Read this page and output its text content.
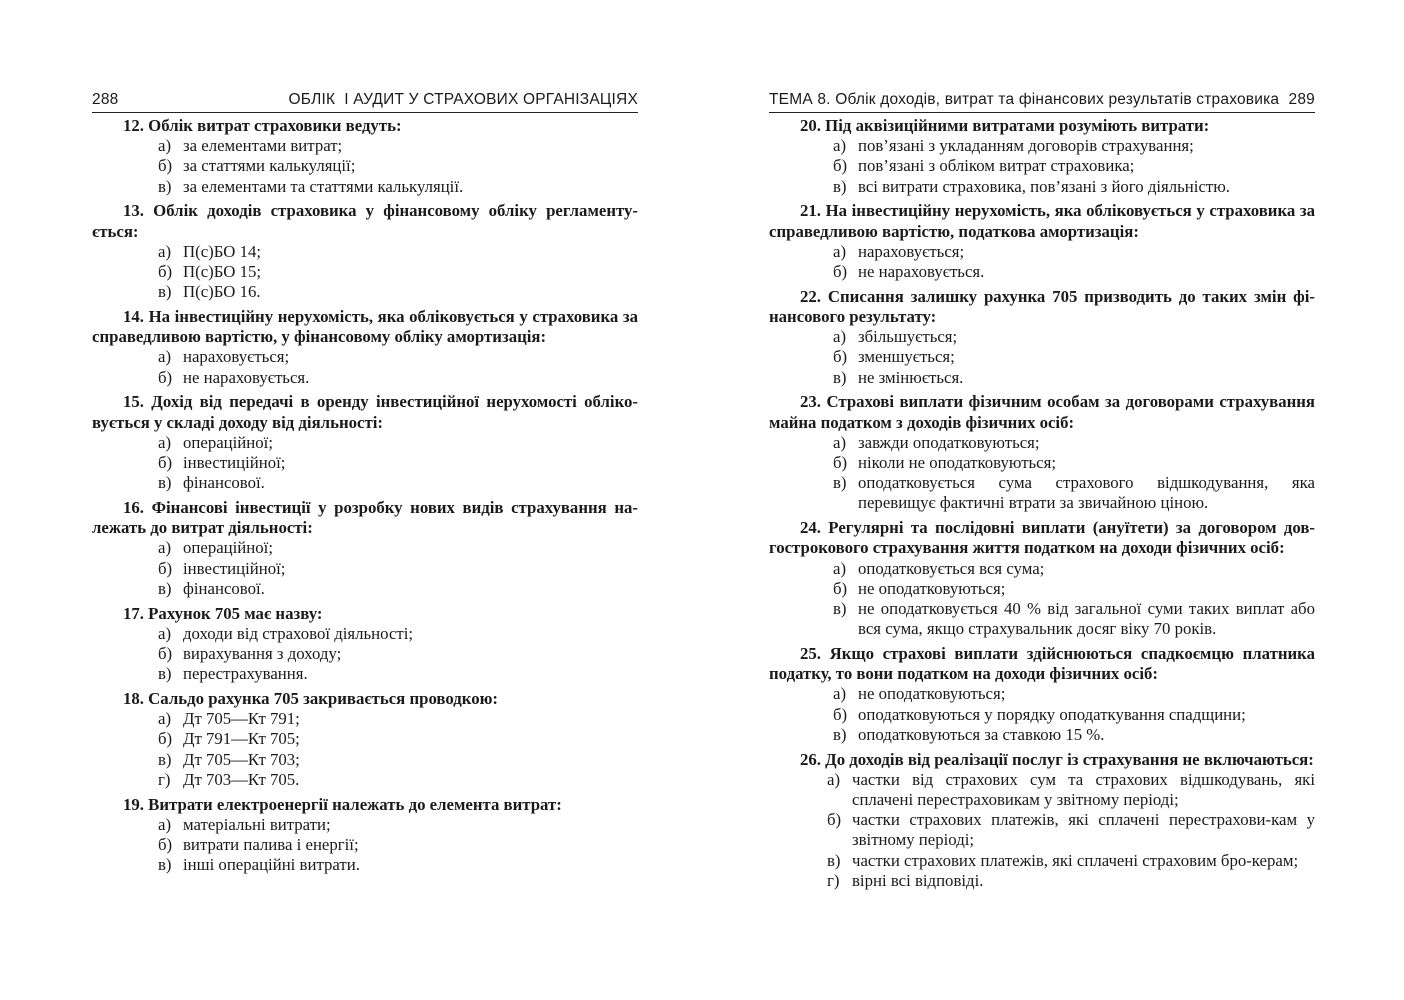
288	ОБЛІК  І АУДИТ У СТРАХОВИХ ОРГАНІЗАЦІЯХ
12. Облік витрат страховики ведуть:
а) за елементами витрат;
б) за статтями калькуляції;
в) за елементами та статтями калькуляції.
13. Облік доходів страховика у фінансовому обліку регламенту-ється:
а) П(с)БО 14;
б) П(с)БО 15;
в) П(с)БО 16.
14. На інвестиційну нерухомість, яка обліковується у страховика за справедливою вартістю, у фінансовому обліку амортизація:
а) нараховується;
б) не нараховується.
15. Дохід від передачі в оренду інвестиційної нерухомості обліко-вується у складі доходу від діяльності:
а) операційної;
б) інвестиційної;
в) фінансової.
16. Фінансові інвестиції у розробку нових видів страхування на-лежать до витрат діяльності:
а) операційної;
б) інвестиційної;
в) фінансової.
17. Рахунок 705 має назву:
а) доходи від страхової діяльності;
б) вирахування з доходу;
в) перестрахування.
18. Сальдо рахунка 705 закривається проводкою:
а) Дт 705—Кт 791;
б) Дт 791—Кт 705;
в) Дт 705—Кт 703;
г) Дт 703—Кт 705.
19. Витрати електроенергії належать до елемента витрат:
а) матеріальні витрати;
б) витрати палива і енергії;
в) інші операційні витрати.
ТЕМА 8. Облік доходів, витрат та фінансових результатів страховика 289
20. Під аквізиційними витратами розуміють витрати:
а) пов’язані з укладанням договорів страхування;
б) пов’язані з обліком витрат страховика;
в) всі витрати страховика, пов’язані з його діяльністю.
21. На інвестиційну нерухомість, яка обліковується у страховика за справедливою вартістю, податкова амортизація:
а) нараховується;
б) не нараховується.
22. Списання залишку рахунка 705 призводить до таких змін фі-нансового результату:
а) збільшується;
б) зменшується;
в) не змінюється.
23. Страхові виплати фізичним особам за договорами страхування майна податком з доходів фізичних осіб:
а) завжди оподатковуються;
б) ніколи не оподатковуються;
в) оподатковується сума страхового відшкодування, яка перевищує фактичні втрати за звичайною ціною.
24. Регулярні та послідовні виплати (ануїтети) за договором дов-гострокового страхування життя податком на доходи фізичних осіб:
а) оподатковується вся сума;
б) не оподатковуються;
в) не оподатковується 40 % від загальної суми таких виплат або вся сума, якщо страхувальник досяг віку 70 років.
25. Якщо страхові виплати здійснюються спадкоємцю платника податку, то вони податком на доходи фізичних осіб:
а) не оподатковуються;
б) оподатковуються у порядку оподаткування спадщини;
в) оподатковуються за ставкою 15 %.
26. До доходів від реалізації послуг із страхування не включаються:
а) частки від страхових сум та страхових відшкодувань, які сплачені перестраховикам у звітному періоді;
б) частки страхових платежів, які сплачені перестрахови-кам у звітному періоді;
в) частки страхових платежів, які сплачені страховим бро-керам;
г) вірні всі відповіді.
